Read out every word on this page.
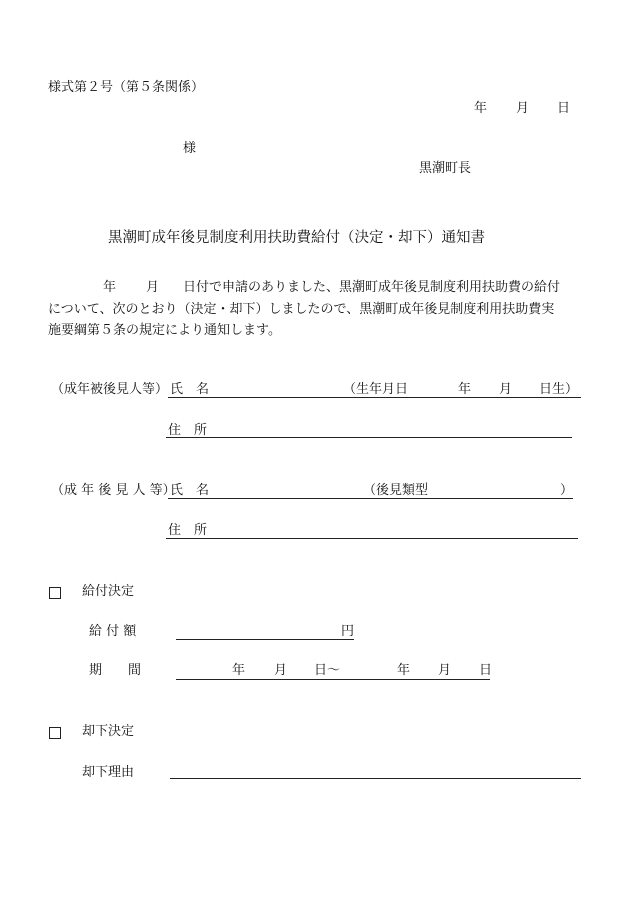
様式第２号（第５条関係）
年 月 日
様
黒潮町長
黒潮町成年後見制度利用扶助費給付（決定・却下）通知書
年 月 日付で申請のありました、黒潮町成年後見制度利用扶助費の給付
について、次のとおり（決定・却下）しましたので、黒潮町成年後見制度利用扶助費実
施要綱第５条の規定により通知します。
（成年被後見人等） 氏　名	（生年月日	年 月 日生）
住　所
（成 年 後 見 人 等）
氏　名	（後見類型	）
住　所
給付決定
給 付 額	円
期　　間	年 月 日～	年 月 日
却下決定
却下理由
